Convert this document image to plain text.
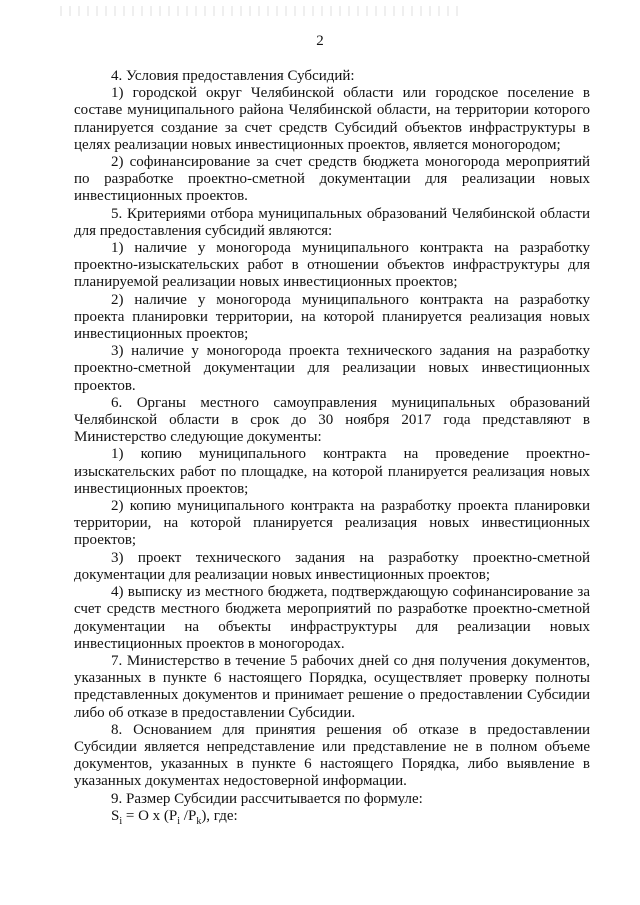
2

4. Условия предоставления Субсидий:

1) городской округ Челябинской области или городское поселение в составе муниципального района Челябинской области, на территории которого планируется создание за счет средств Субсидий объектов инфраструктуры в целях реализации новых инвестиционных проектов, является моногородом;

2) софинансирование за счет средств бюджета моногорода мероприятий по разработке проектно-сметной документации для реализации новых инвестиционных проектов.

5. Критериями отбора муниципальных образований Челябинской области для предоставления субсидий являются:

1) наличие у моногорода муниципального контракта на разработку проектно-изыскательских работ в отношении объектов инфраструктуры для планируемой реализации новых инвестиционных проектов;

2) наличие у моногорода муниципального контракта на разработку проекта планировки территории, на которой планируется реализация новых инвестиционных проектов;

3) наличие у моногорода проекта технического задания на разработку проектно-сметной документации для реализации новых инвестиционных проектов.

6. Органы местного самоуправления муниципальных образований Челябинской области в срок до 30 ноября 2017 года представляют в Министерство следующие документы:

1) копию муниципального контракта на проведение проектно-изыскательских работ по площадке, на которой планируется реализация новых инвестиционных проектов;

2) копию муниципального контракта на разработку проекта планировки территории, на которой планируется реализация новых инвестиционных проектов;

3) проект технического задания на разработку проектно-сметной документации для реализации новых инвестиционных проектов;

4) выписку из местного бюджета, подтверждающую софинансирование за счет средств местного бюджета мероприятий по разработке проектно-сметной документации на объекты инфраструктуры для реализации новых инвестиционных проектов в моногородах.

7. Министерство в течение 5 рабочих дней со дня получения документов, указанных в пункте 6 настоящего Порядка, осуществляет проверку полноты представленных документов и принимает решение о предоставлении Субсидии либо об отказе в предоставлении Субсидии.

8. Основанием для принятия решения об отказе в предоставлении Субсидии является непредставление или представление не в полном объеме документов, указанных в пункте 6 настоящего Порядка, либо выявление в указанных документах недостоверной информации.

9. Размер Субсидии рассчитывается по формуле:

$S_i = O$ x ($P_i$ $/P_k$), где:
